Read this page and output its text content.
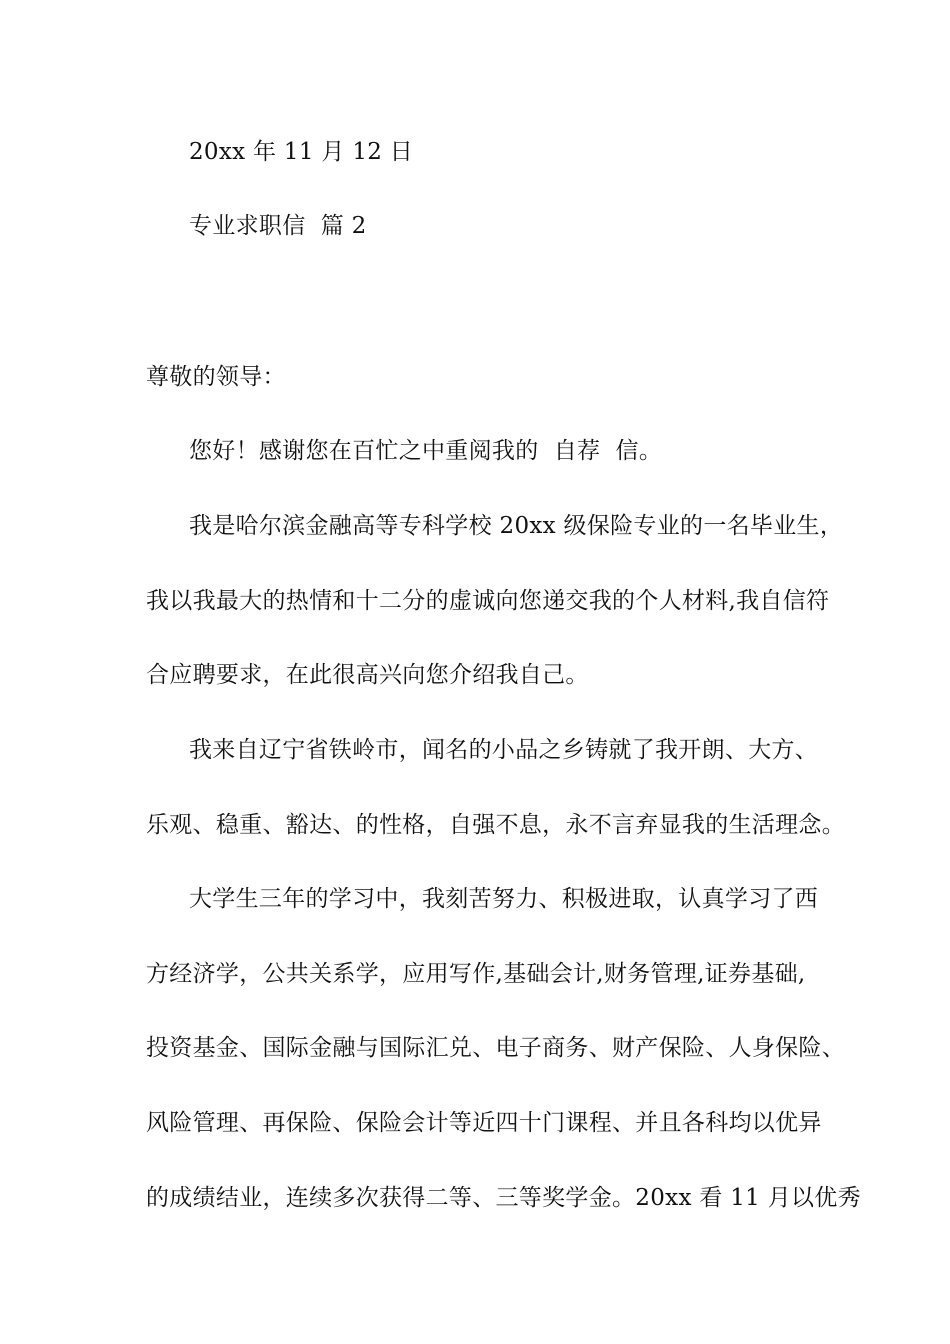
20xx 年 11 月 12 日
专业求职信  篇 2
尊敬的领导：
您好！感谢您在百忙之中重阅我的  自荐  信。
我是哈尔滨金融高等专科学校 20xx 级保险专业的一名毕业生，
我以我最大的热情和十二分的虚诚向您递交我的个人材料,我自信符
合应聘要求，在此很高兴向您介绍我自己。
我来自辽宁省铁岭市，闻名的小品之乡铸就了我开朗、大方、
乐观、稳重、豁达、的性格，自强不息，永不言弃显我的生活理念。
大学生三年的学习中，我刻苦努力、积极进取，认真学习了西
方经济学，公共关系学，应用写作,基础会计,财务管理,证券基础,
投资基金、国际金融与国际汇兑、电子商务、财产保险、人身保险、
风险管理、再保险、保险会计等近四十门课程、并且各科均以优异
的成绩结业，连续多次获得二等、三等奖学金。20xx 看 11 月以优秀
